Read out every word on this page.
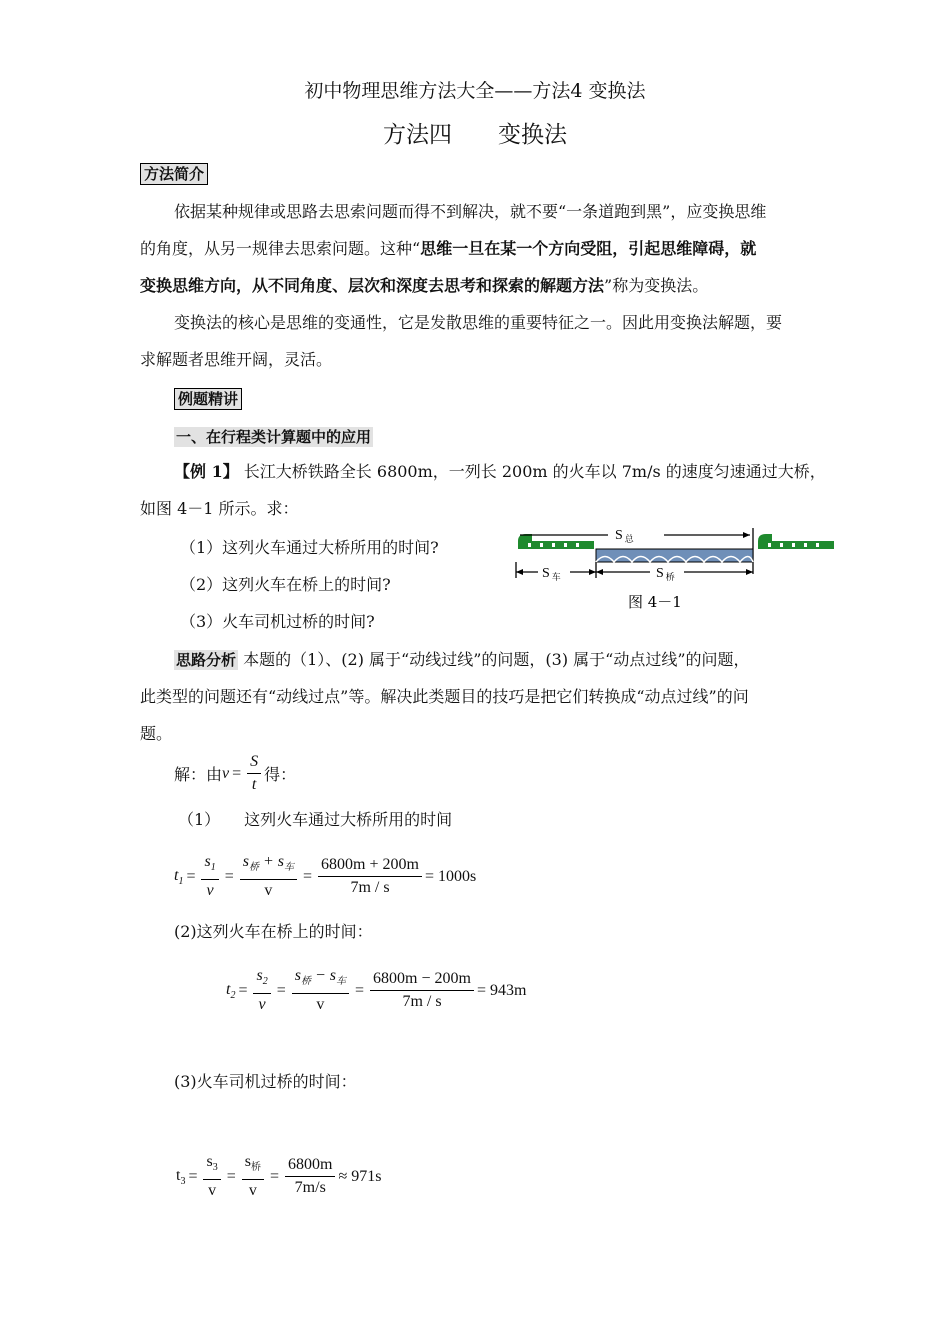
初中物理思维方法大全——方法4 变换法
方法四　　变换法
方法简介
依据某种规律或思路去思索问题而得不到解决，就不要“一条道跑到黑”，应变换思维
的角度，从另一规律去思索问题。这种“思维一旦在某一个方向受阻，引起思维障碍，就
变换思维方向，从不同角度、层次和深度去思考和探索的解题方法”称为变换法。
变换法的核心是思维的变通性，它是发散思维的重要特征之一。因此用变换法解题，要
求解题者思维开阔，灵活。
例题精讲
一、在行程类计算题中的应用
【例 1】 长江大桥铁路全长 6800m，一列长 200m 的火车以 7m/s 的速度匀速通过大桥，
如图 4－1 所示。求：
（1）这列火车通过大桥所用的时间?
（2）这列火车在桥上的时间?
（3）火车司机过桥的时间?
S $_总$
S $_车$	S $_桥$
图 4－1
思路分析 本题的（1）、(2) 属于“动线过线”的问题，(3) 属于“动点过线”的问题，
此类型的问题还有“动线过点”等。解决此类题目的技巧是把它们转换成“动点过线”的问
题。
解：由 $v = \frac{S}{t}$ 得：
（1）　　这列火车通过大桥所用的时间
$t_1 = \frac{s_1}{v} = \frac{s_桥 + s_车}{v} = \frac{6800m + 200m}{7m / s} = 1000s$
(2)这列火车在桥上的时间：
$t_2 = \frac{s_2}{v} = \frac{s_桥 - s_车}{v} = \frac{6800m - 200m}{7m / s} = 943m$
(3)火车司机过桥的时间：
$t_3 = \frac{s_3}{v} = \frac{s_桥}{v} = \frac{6800m}{7m/s} \approx 971s$
